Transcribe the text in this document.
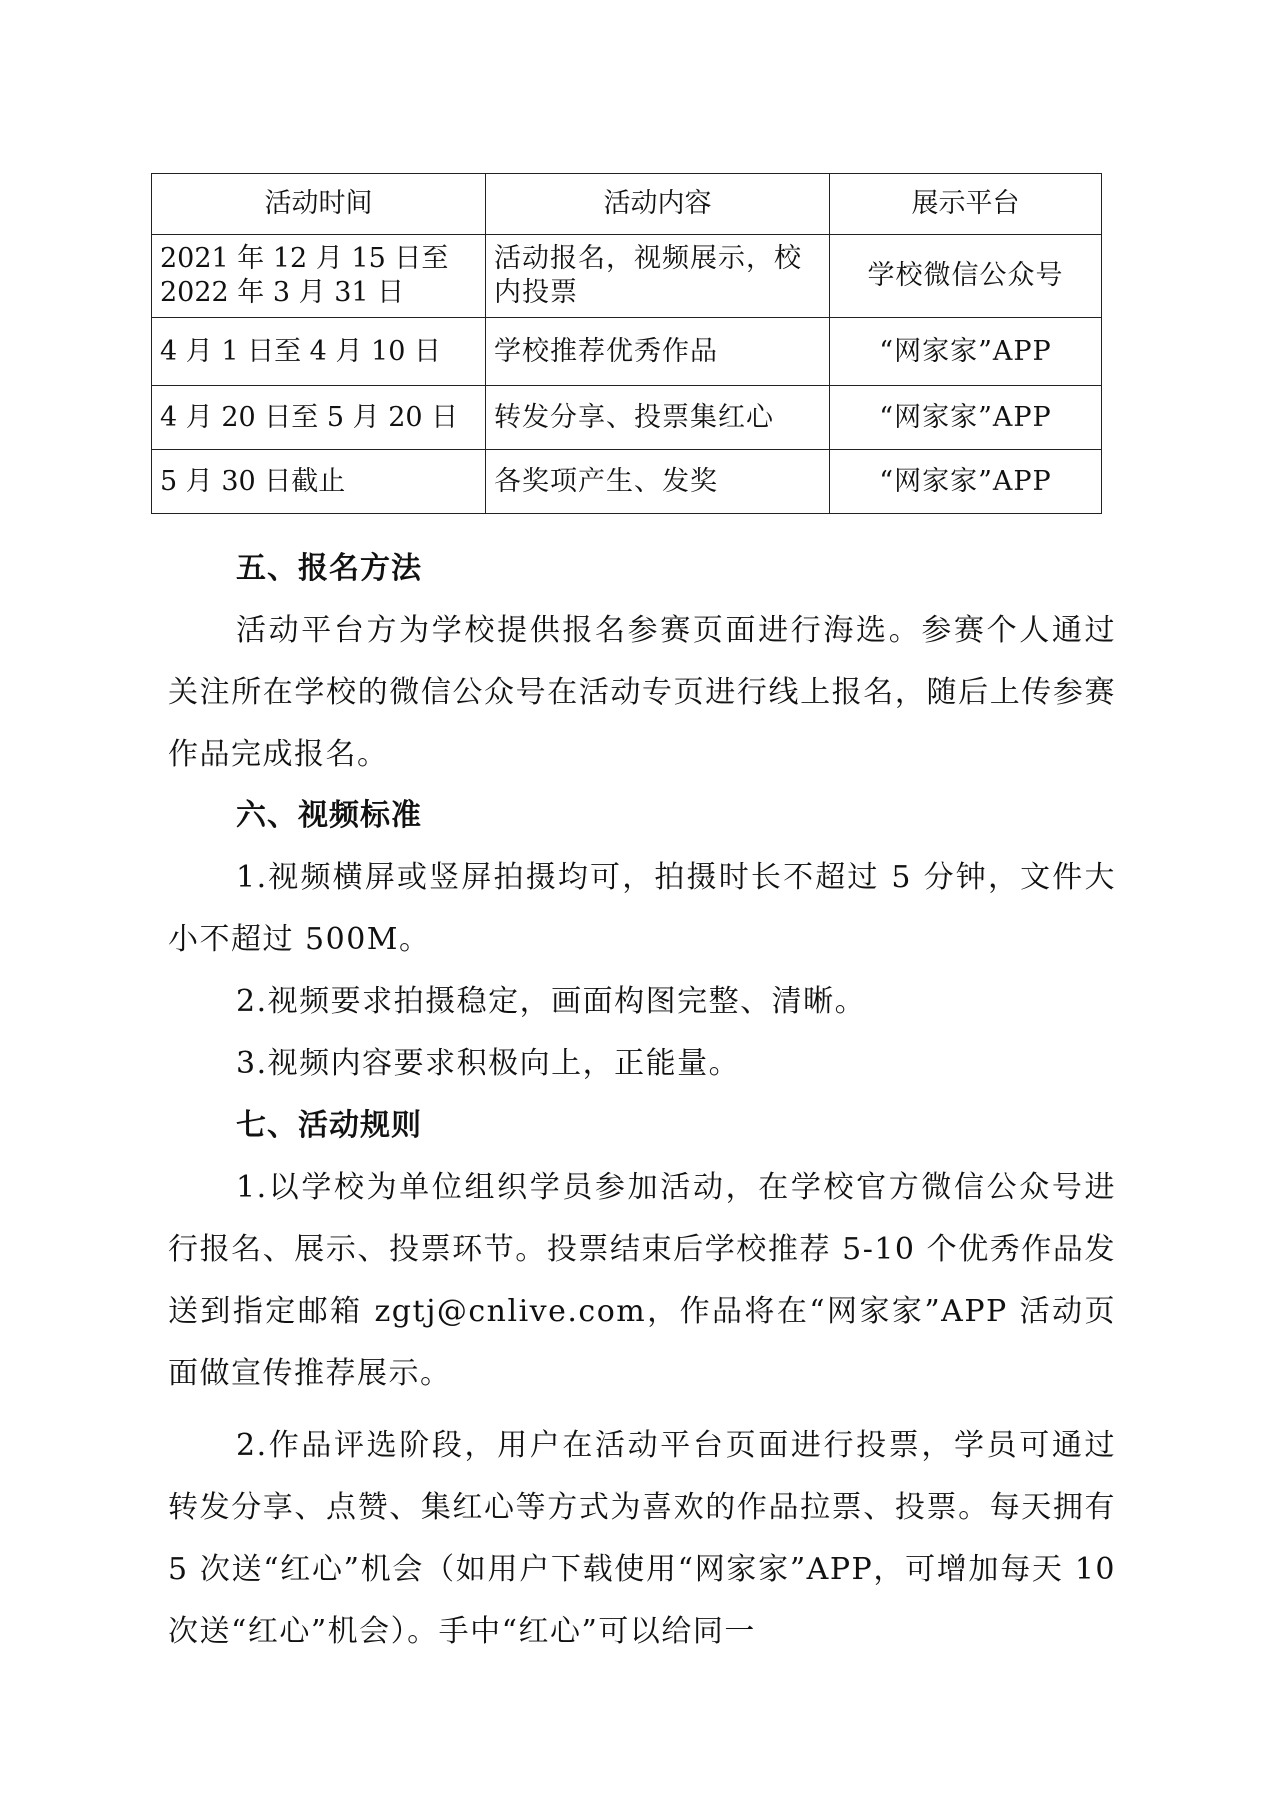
活动时间	活动内容	展示平台
2021 年 12 月 15 日至 2022 年 3 月 31 日	活动报名，视频展示，校内投票	学校微信公众号
4 月 1 日至 4 月 10 日	学校推荐优秀作品	“网家家”APP
4 月 20 日至 5 月 20 日	转发分享、投票集红心	“网家家”APP
5 月 30 日截止	各奖项产生、发奖	“网家家”APP
五、报名方法

活动平台方为学校提供报名参赛页面进行海选。参赛个人通过关注所在学校的微信公众号在活动专页进行线上报名，随后上传参赛作品完成报名。

六、视频标准

1.视频横屏或竖屏拍摄均可，拍摄时长不超过 5 分钟，文件大小不超过 500M。

2.视频要求拍摄稳定，画面构图完整、清晰。

3.视频内容要求积极向上，正能量。

七、活动规则

1.以学校为单位组织学员参加活动，在学校官方微信公众号进行报名、展示、投票环节。投票结束后学校推荐 5-10 个优秀作品发送到指定邮箱 zgtj@cnlive.com，作品将在“网家家”APP 活动页面做宣传推荐展示。

2.作品评选阶段，用户在活动平台页面进行投票，学员可通过转发分享、点赞、集红心等方式为喜欢的作品拉票、投票。每天拥有 5 次送“红心”机会（如用户下载使用“网家家”APP，可增加每天 10 次送“红心”机会）。手中“红心”可以给同一
